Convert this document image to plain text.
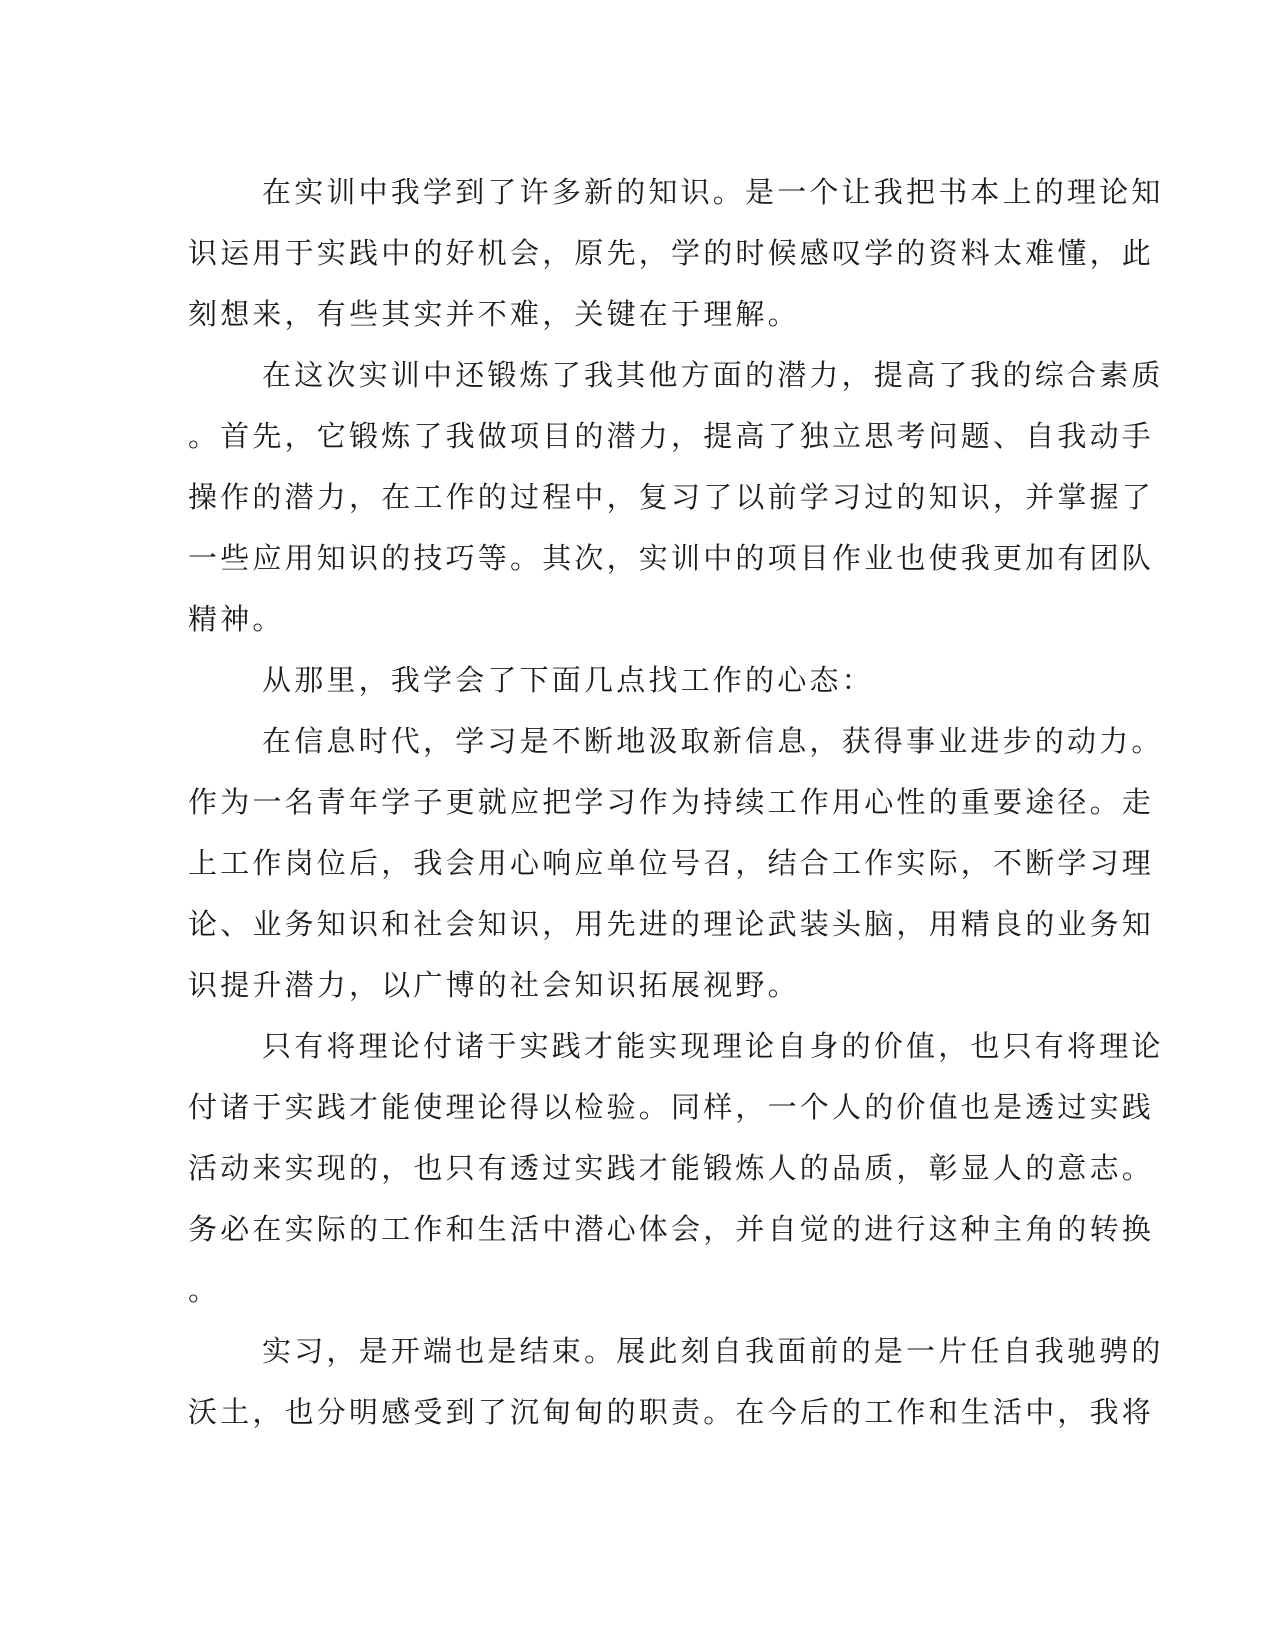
在实训中我学到了许多新的知识。是一个让我把书本上的理论知
识运用于实践中的好机会，原先，学的时候感叹学的资料太难懂，此
刻想来，有些其实并不难，关键在于理解。
在这次实训中还锻炼了我其他方面的潜力，提高了我的综合素质
。首先，它锻炼了我做项目的潜力，提高了独立思考问题、自我动手
操作的潜力，在工作的过程中，复习了以前学习过的知识，并掌握了
一些应用知识的技巧等。其次，实训中的项目作业也使我更加有团队
精神。
从那里，我学会了下面几点找工作的心态：
在信息时代，学习是不断地汲取新信息，获得事业进步的动力。
作为一名青年学子更就应把学习作为持续工作用心性的重要途径。走
上工作岗位后，我会用心响应单位号召，结合工作实际，不断学习理
论、业务知识和社会知识，用先进的理论武装头脑，用精良的业务知
识提升潜力，以广博的社会知识拓展视野。
只有将理论付诸于实践才能实现理论自身的价值，也只有将理论
付诸于实践才能使理论得以检验。同样，一个人的价值也是透过实践
活动来实现的，也只有透过实践才能锻炼人的品质，彰显人的意志。
务必在实际的工作和生活中潜心体会，并自觉的进行这种主角的转换
。
实习，是开端也是结束。展此刻自我面前的是一片任自我驰骋的
沃土，也分明感受到了沉甸甸的职责。在今后的工作和生活中，我将
